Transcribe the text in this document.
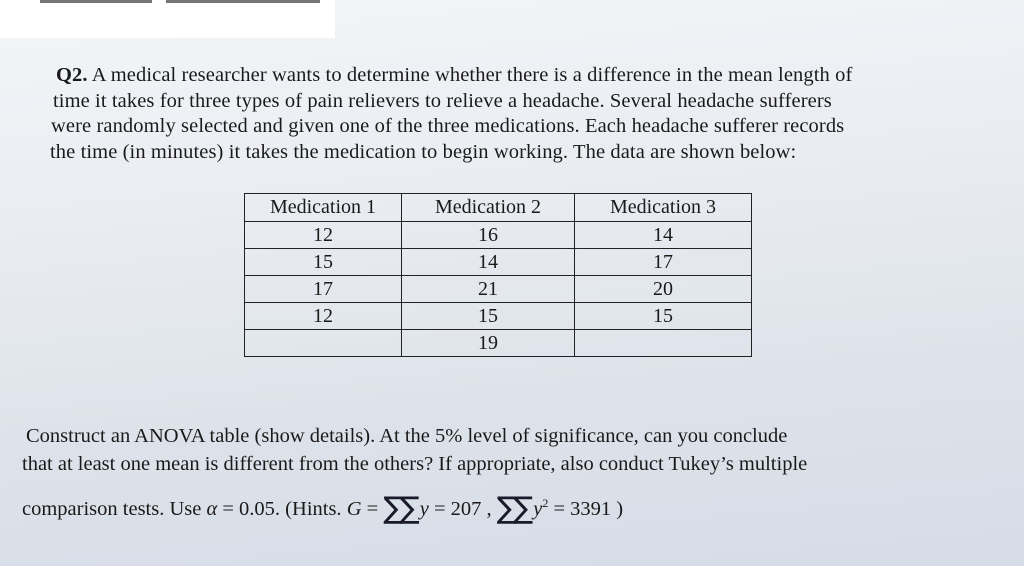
Q2. A medical researcher wants to determine whether there is a difference in the mean length of
time it takes for three types of pain relievers to relieve a headache. Several headache sufferers
were randomly selected and given one of the three medications. Each headache sufferer records
the time (in minutes) it takes the medication to begin working. The data are shown below:
Medication 1	Medication 2	Medication 3
12	16	14
15	14	17
17	21	20
12	15	15
	19	
Construct an ANOVA table (show details). At the 5% level of significance, can you conclude
that at least one mean is different from the others? If appropriate, also conduct Tukey’s multiple
comparison tests. Use α = 0.05. (Hints. G = ∑∑ y = 207 , ∑∑ $y^2 = 3391$ )
